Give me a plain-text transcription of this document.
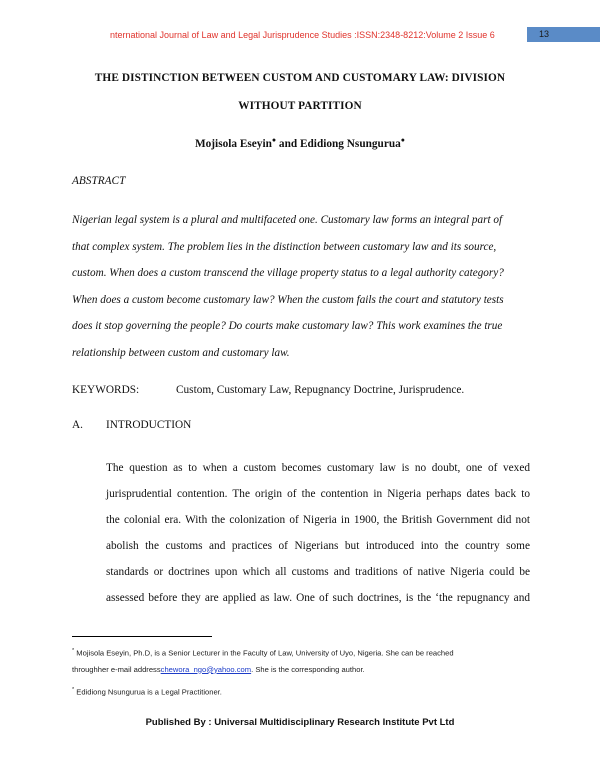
nternational Journal of Law and Legal Jurisprudence Studies :ISSN:2348-8212:Volume 2 Issue 6	13
THE DISTINCTION BETWEEN CUSTOM AND CUSTOMARY LAW: DIVISION
WITHOUT PARTITION
Mojisola Eseyin● and Edidiong Nsungurua●
ABSTRACT
Nigerian legal system is a plural and multifaceted one. Customary law forms an integral part of
that complex system. The problem lies in the distinction between customary law and its source,
custom. When does a custom transcend the village property status to a legal authority category?
When does a custom become customary law? When the custom fails the court and statutory tests
does it stop governing the people? Do courts make customary law? This work examines the true
relationship between custom and customary law.
KEYWORDS:	Custom, Customary Law, Repugnancy Doctrine, Jurisprudence.
A. INTRODUCTION
The question as to when a custom becomes customary law is no doubt, one of vexed
jurisprudential contention. The origin of the contention in Nigeria perhaps dates back to
the colonial era. With the colonization of Nigeria in 1900, the British Government did not
abolish the customs and practices of Nigerians but introduced into the country some
standards or doctrines upon which all customs and traditions of native Nigeria could be
assessed before they are applied as law. One of such doctrines, is the ‘the repugnancy and
* Mojisola Eseyin, Ph.D, is a Senior Lecturer in the Faculty of Law, University of Uyo, Nigeria. She can be reached
throughher e-mail addresschewora_ngo@yahoo.com. She is the corresponding author.
* Edidiong Nsungurua is a Legal Practitioner.
Published By : Universal Multidisciplinary Research Institute Pvt Ltd
